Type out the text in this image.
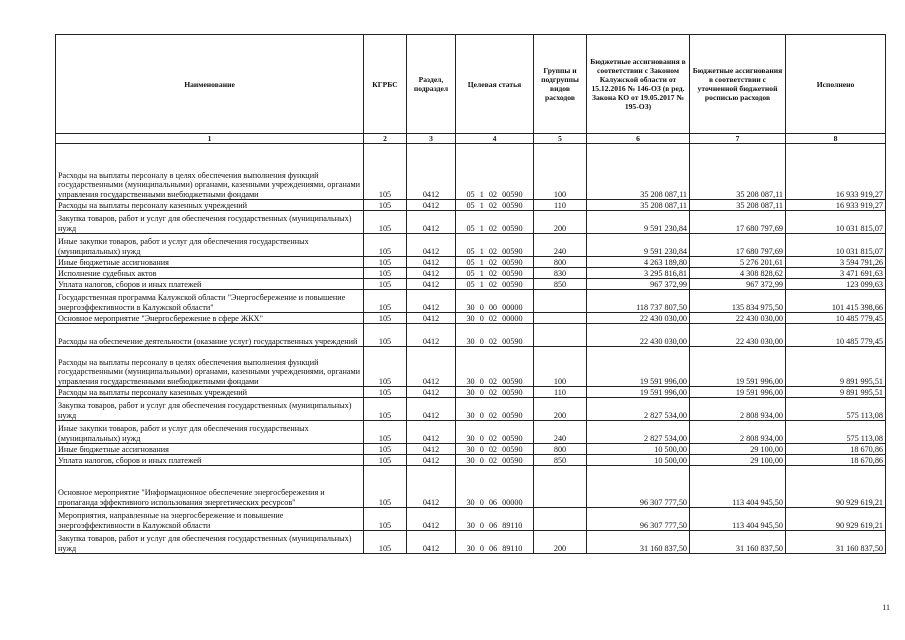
Наименование	КГРБС	Раздел, подраздел	Целевая статья	Группы и подгруппы видов расходов	Бюджетные ассигнования в соответствии с Законом Калужской области от 15.12.2016 № 146-ОЗ (в ред. Закона КО от 19.05.2017 № 195-ОЗ)	Бюджетные ассигнования в соответствии с уточненной бюджетной росписью расходов	Исполнено
1	2	3	4	5	6	7	8
Расходы на выплаты персоналу в целях обеспечения выполнения функций государственными (муниципальными) органами, казенными учреждениями, органами управления государственными внебюджетными фондами	105	0412	05 1 02 00590	100	35 208 087,11	35 208 087,11	16 933 919,27
Расходы на выплаты персоналу казенных учреждений	105	0412	05 1 02 00590	110	35 208 087,11	35 208 087,11	16 933 919,27
Закупка товаров, работ и услуг для обеспечения государственных (муниципальных) нужд	105	0412	05 1 02 00590	200	9 591 230,84	17 680 797,69	10 031 815,07
Иные закупки товаров, работ и услуг для обеспечения государственных (муниципальных) нужд	105	0412	05 1 02 00590	240	9 591 230,84	17 680 797,69	10 031 815,07
Иные бюджетные ассигнования	105	0412	05 1 02 00590	800	4 263 189,80	5 276 201,61	3 594 791,26
Исполнение судебных актов	105	0412	05 1 02 00590	830	3 295 816,81	4 308 828,62	3 471 691,63
Уплата налогов, сборов и иных платежей	105	0412	05 1 02 00590	850	967 372,99	967 372,99	123 099,63
Государственная программа Калужской области "Энергосбережение и повышение энергоэффективности в Калужской области"	105	0412	30 0 00 00000		118 737 807,50	135 834 975,50	101 415 398,66
Основное мероприятие "Энергосбережение в сфере ЖКХ"	105	0412	30 0 02 00000		22 430 030,00	22 430 030,00	10 485 779,45
Расходы на обеспечение деятельности (оказание услуг) государственных учреждений	105	0412	30 0 02 00590		22 430 030,00	22 430 030,00	10 485 779,45
Расходы на выплаты персоналу в целях обеспечения выполнения функций государственными (муниципальными) органами, казенными учреждениями, органами управления государственными внебюджетными фондами	105	0412	30 0 02 00590	100	19 591 996,00	19 591 996,00	9 891 995,51
Расходы на выплаты персоналу казенных учреждений	105	0412	30 0 02 00590	110	19 591 996,00	19 591 996,00	9 891 995,51
Закупка товаров, работ и услуг для обеспечения государственных (муниципальных) нужд	105	0412	30 0 02 00590	200	2 827 534,00	2 808 934,00	575 113,08
Иные закупки товаров, работ и услуг для обеспечения государственных (муниципальных) нужд	105	0412	30 0 02 00590	240	2 827 534,00	2 808 934,00	575 113,08
Иные бюджетные ассигнования	105	0412	30 0 02 00590	800	10 500,00	29 100,00	18 670,86
Уплата налогов, сборов и иных платежей	105	0412	30 0 02 00590	850	10 500,00	29 100,00	18 670,86
Основное мероприятие "Информационное обеспечение энергосбережения и пропаганда эффективного использования энергетических ресурсов"	105	0412	30 0 06 00000		96 307 777,50	113 404 945,50	90 929 619,21
Мероприятия, направленные на энергосбережение и повышение энергоэффективности в Калужской области	105	0412	30 0 06 89110		96 307 777,50	113 404 945,50	90 929 619,21
Закупка товаров, работ и услуг для обеспечения государственных (муниципальных) нужд	105	0412	30 0 06 89110	200	31 160 837,50	31 160 837,50	31 160 837,50
11
